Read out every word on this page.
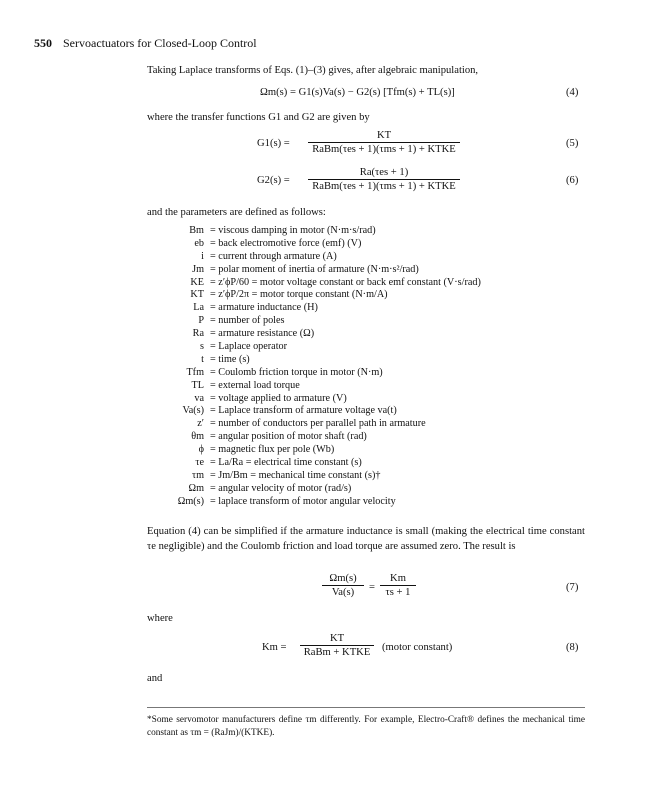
550 Servoactuators for Closed-Loop Control
Taking Laplace transforms of Eqs. (1)–(3) gives, after algebraic manipulation,
Ωm(s) = G1(s)Va(s) − G2(s) [Tfm(s) + TL(s)]	(4)
where the transfer functions G1 and G2 are given by
G1(s) =
KT
RaBm(τes + 1)(τms + 1) + KTKE
(5)
G2(s) =
Ra(τes + 1)
RaBm(τes + 1)(τms + 1) + KTKE
(6)
and the parameters are defined as follows:
Bm = viscous damping in motor (N·m·s/rad)
eb = back electromotive force (emf) (V)
i = current through armature (A)
Jm = polar moment of inertia of armature (N·m·s²/rad)
KE = z′ϕP/60 = motor voltage constant or back emf constant (V·s/rad)
KT = z′ϕP/2π = motor torque constant (N·m/A)
La = armature inductance (H)
P = number of poles
Ra = armature resistance (Ω)
s = Laplace operator
t = time (s)
Tfm = Coulomb friction torque in motor (N·m)
TL = external load torque
va = voltage applied to armature (V)
Va(s) = Laplace transform of armature voltage va(t)
z′ = number of conductors per parallel path in armature
θm = angular position of motor shaft (rad)
ϕ = magnetic flux per pole (Wb)
τe = La/Ra = electrical time constant (s)
τm = Jm/Bm = mechanical time constant (s)†
Ωm = angular velocity of motor (rad/s)
Ωm(s) = laplace transform of motor angular velocity
Equation (4) can be simplified if the armature inductance is small (making the electrical time constant τe negligible) and the Coulomb friction and load torque are assumed zero. The result is
$\frac{\Omega m(s)}{Va(s)} = \frac{Km}{\tau s + 1}$	(7)
where
Km =
KT
RaBm + KTKE	(motor constant)	(8)
and
*Some servomotor manufacturers define τm differently. For example, Electro-Craft® defines the mechanical time constant as τm = (RaJm)/(KTKE).
